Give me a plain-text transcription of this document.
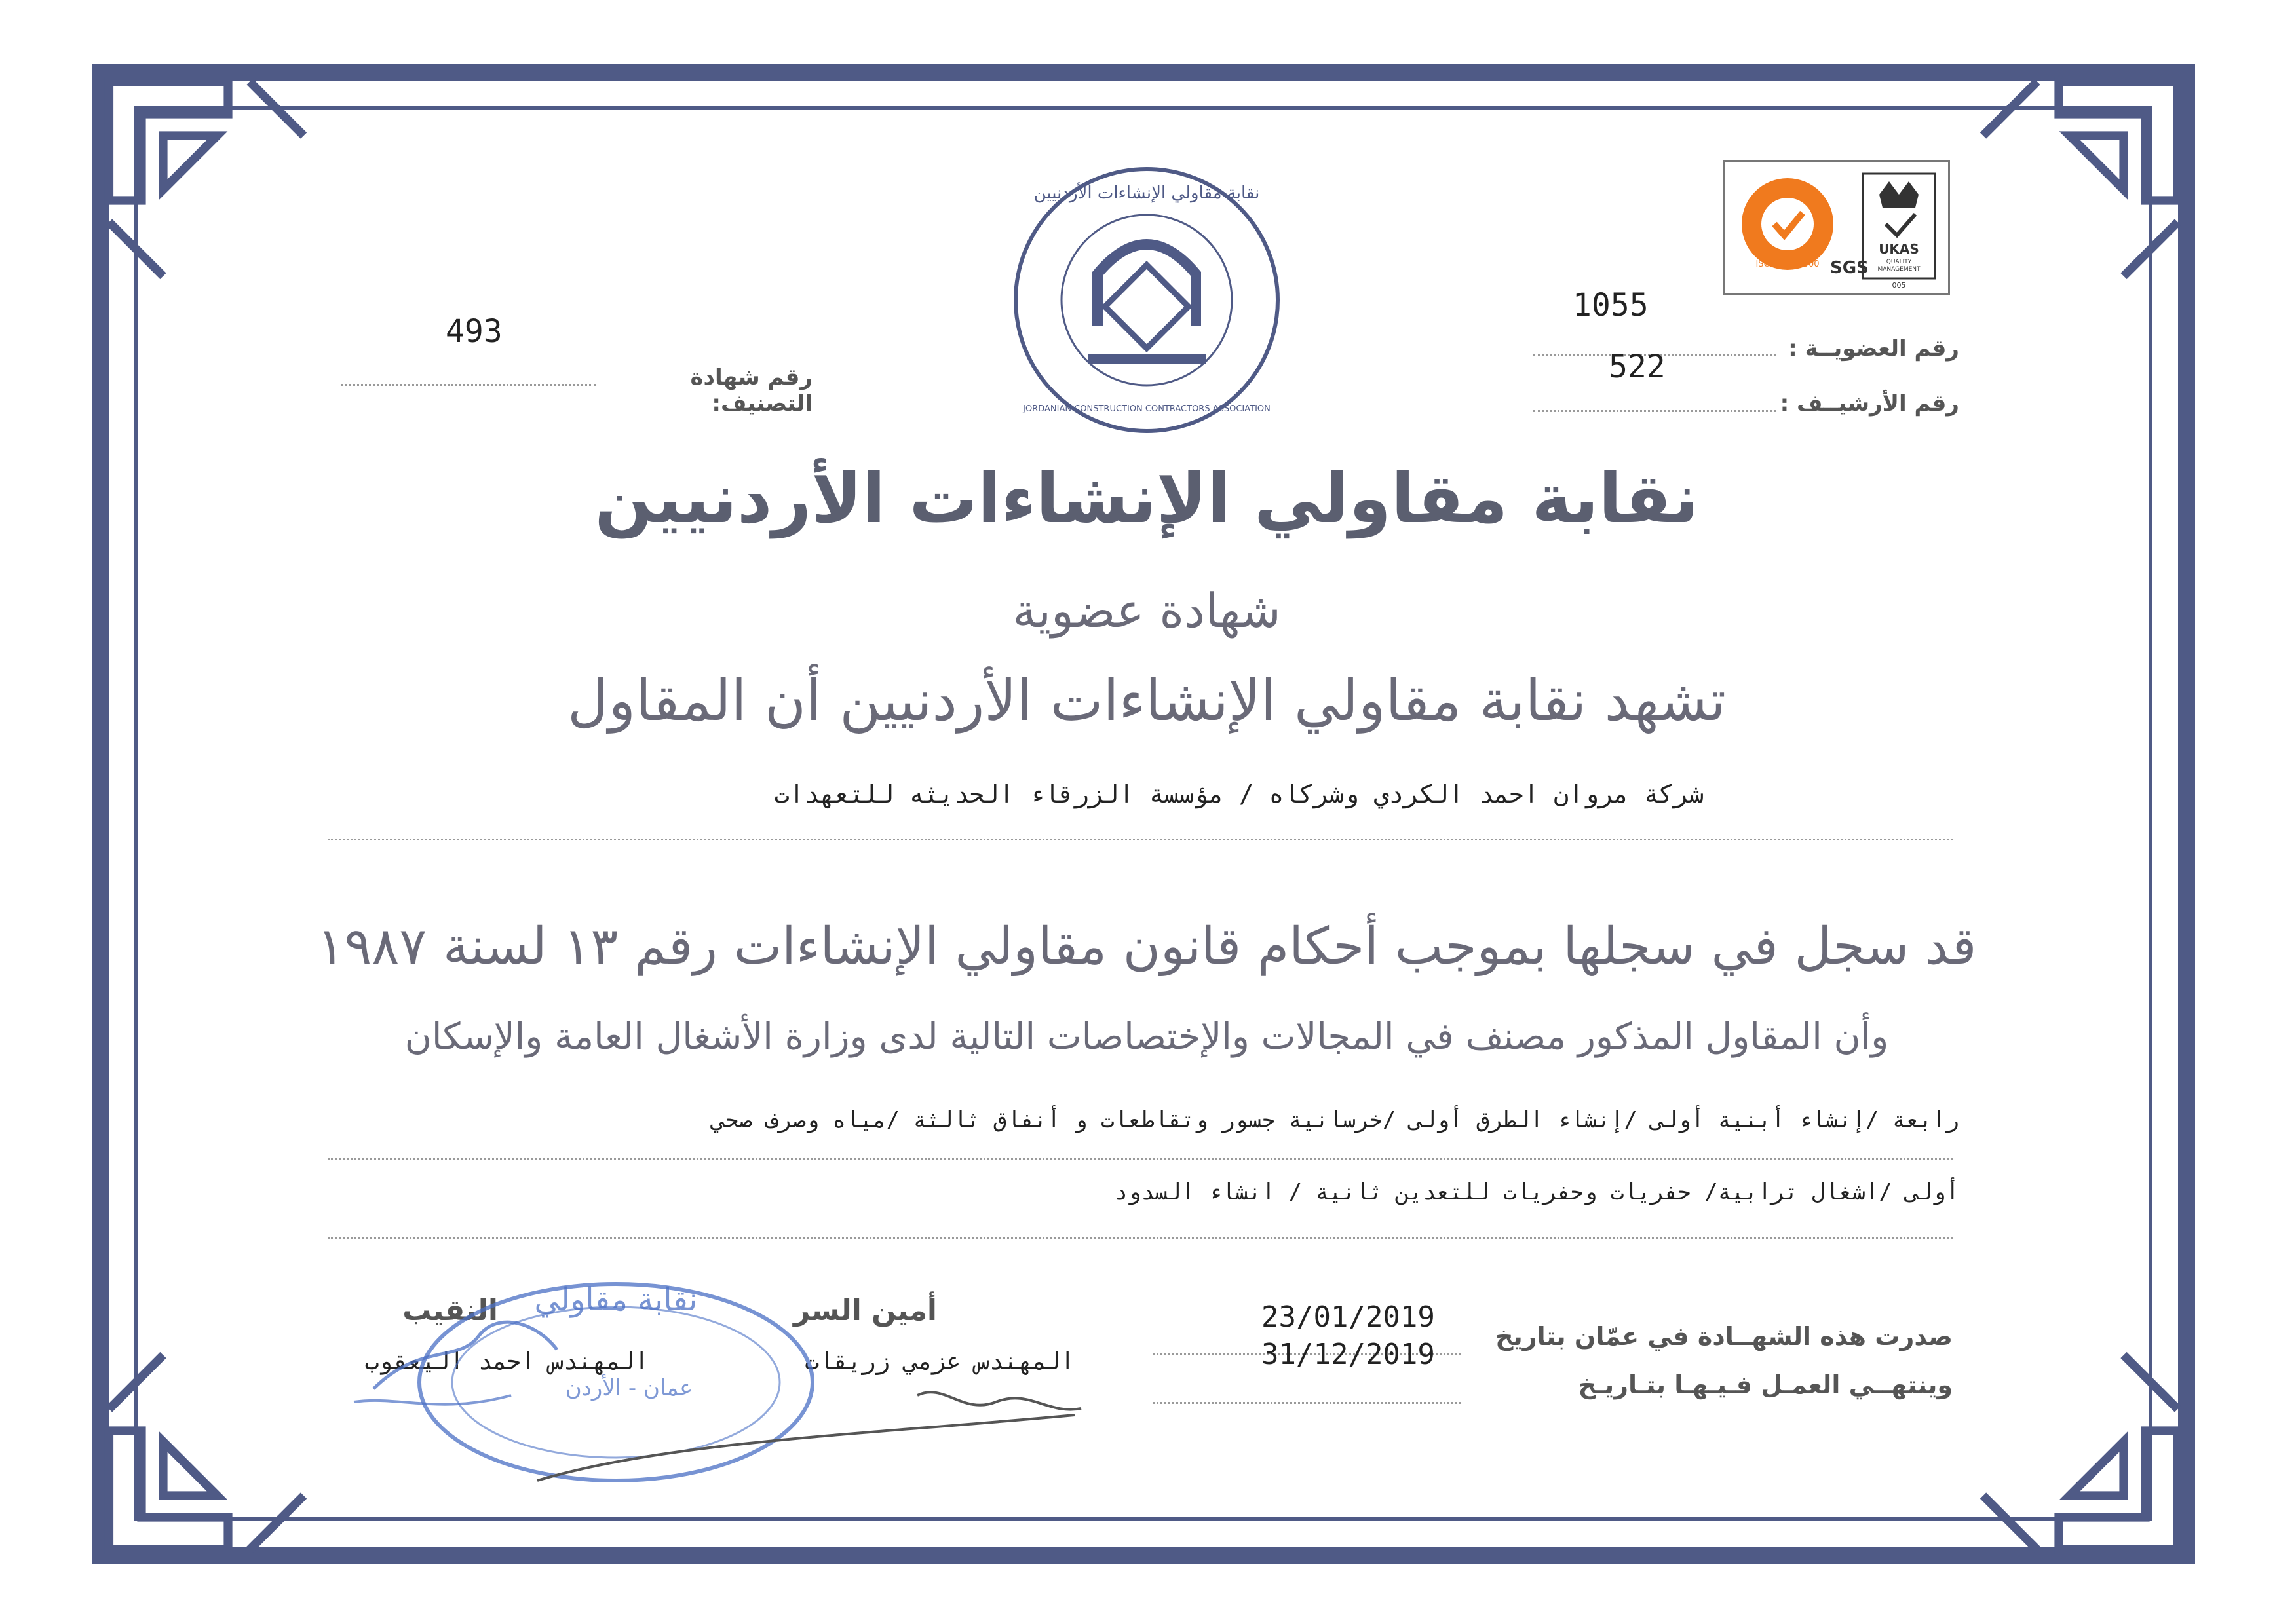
493
رقم شهادة التصنيف:
1055
رقم العضويــة :
522
رقم الأرشيــف :
نقابة مقاولي الإنشاءات الأردنيين
JORDANIAN CONSTRUCTION CONTRACTORS ASSOCIATION
ISO 9001:2000 SGS
UKAS
QUALITY
MANAGEMENT
005
نقابة مقاولي الإنشاءات الأردنيين
شهادة عضوية
تشهد نقابة مقاولي الإنشاءات الأردنيين أن المقاول
شركة مروان احمد الكردي وشركاه / مؤسسة الزرقاء الحديثه للتعهدات
قد سجل في سجلها بموجب أحكام قانون مقاولي الإنشاءات رقم ١٣ لسنة ١٩٨٧
وأن المقاول المذكور مصنف في المجالات والإختصاصات التالية لدى وزارة الأشغال العامة والإسكان
رابعة /إنشاء أبنية أولى /إنشاء الطرق أولى /خرسانية جسور وتقاطعات و أنفاق ثالثة /مياه وصرف صحي
أولى /اشغال ترابية/ حفريات وحفريات للتعدين ثانية / انشاء السدود
صدرت هذه الشهــادة في عمّان بتاريخ
23/01/2019
وينتهــي العمـل فـيـهـا بتـاريـخ
31/12/2019
أمين السر
المهندس عزمي زريقات
النقيب
المهندس احمد اليعقوب
نقابة مقاولي
عمان - الأردن
